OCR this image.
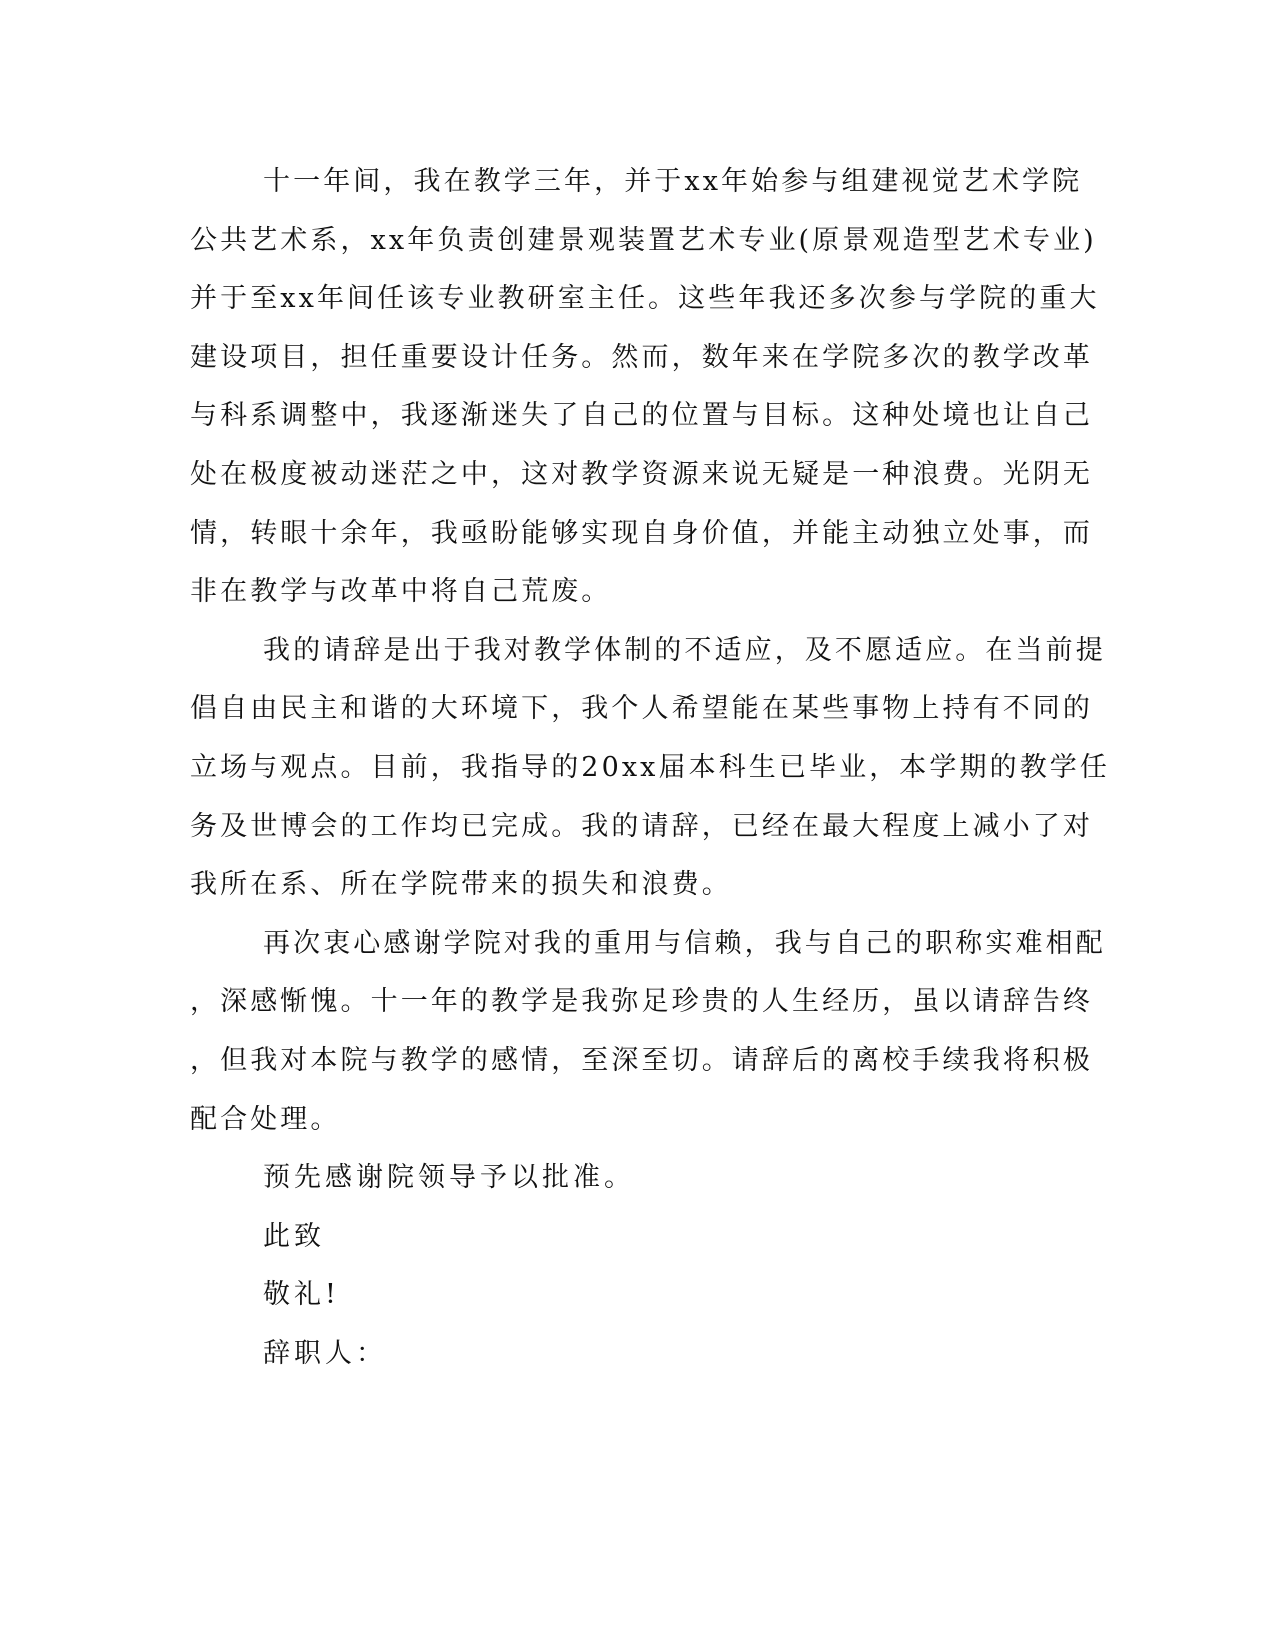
十一年间，我在教学三年，并于xx年始参与组建视觉艺术学院
公共艺术系，xx年负责创建景观装置艺术专业(原景观造型艺术专业)
并于至xx年间任该专业教研室主任。这些年我还多次参与学院的重大
建设项目，担任重要设计任务。然而，数年来在学院多次的教学改革
与科系调整中，我逐渐迷失了自己的位置与目标。这种处境也让自己
处在极度被动迷茫之中，这对教学资源来说无疑是一种浪费。光阴无
情，转眼十余年，我亟盼能够实现自身价值，并能主动独立处事，而
非在教学与改革中将自己荒废。
我的请辞是出于我对教学体制的不适应，及不愿适应。在当前提
倡自由民主和谐的大环境下，我个人希望能在某些事物上持有不同的
立场与观点。目前，我指导的20xx届本科生已毕业，本学期的教学任
务及世博会的工作均已完成。我的请辞，已经在最大程度上减小了对
我所在系、所在学院带来的损失和浪费。
再次衷心感谢学院对我的重用与信赖，我与自己的职称实难相配
，深感惭愧。十一年的教学是我弥足珍贵的人生经历，虽以请辞告终
，但我对本院与教学的感情，至深至切。请辞后的离校手续我将积极
配合处理。
预先感谢院领导予以批准。
此致
敬礼!
辞职人：
